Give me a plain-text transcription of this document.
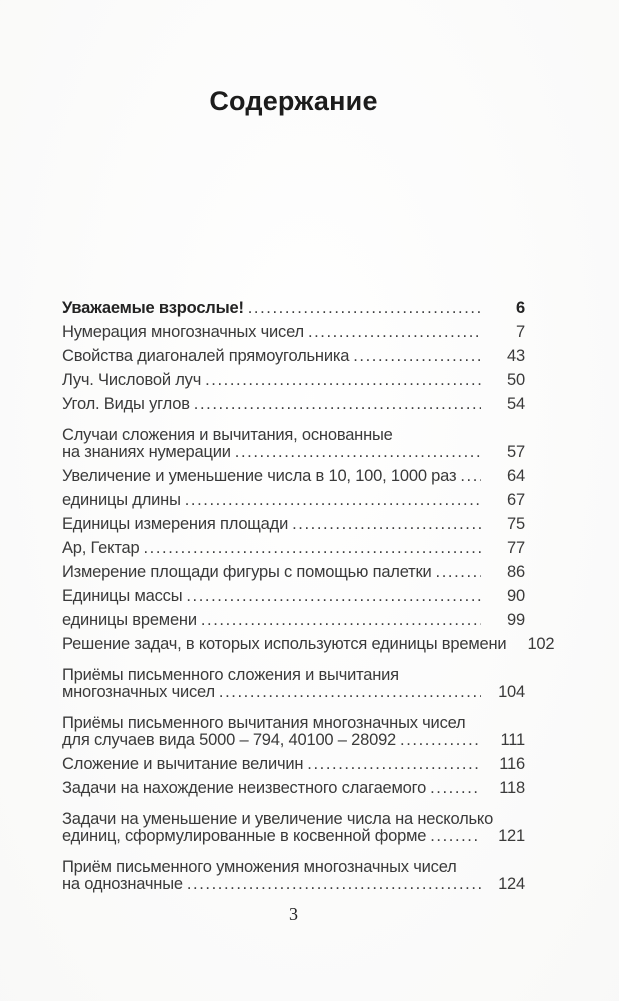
Содержание
Уважаемые взрослые! .....	6
Нумерация многозначных чисел .....	7
Свойства диагоналей прямоугольника .....	43
Луч. Числовой луч .....	50
Угол. Виды углов .....	54
Случаи сложения и вычитания, основанные
на знаниях нумерации .....	57
Увеличение и уменьшение числа в 10, 100, 1000 раз .....	64
единицы длины .....	67
Единицы измерения площади .....	75
Ар, Гектар .....	77
Измерение площади фигуры с помощью палетки .....	86
Единицы массы .....	90
единицы времени .....	99
Решение задач, в которых используются единицы времени	102
Приёмы письменного сложения и вычитания
многозначных чисел .....	104
Приёмы письменного вычитания многозначных чисел
для случаев вида 5000 – 794, 40100 – 28092 .....	111
Сложение и вычитание величин .....	116
Задачи на нахождение неизвестного слагаемого .....	118
Задачи на уменьшение и увеличение числа на несколько
единиц, сформулированные в косвенной форме .....	121
Приём письменного умножения многозначных чисел
на однозначные .....	124
3
